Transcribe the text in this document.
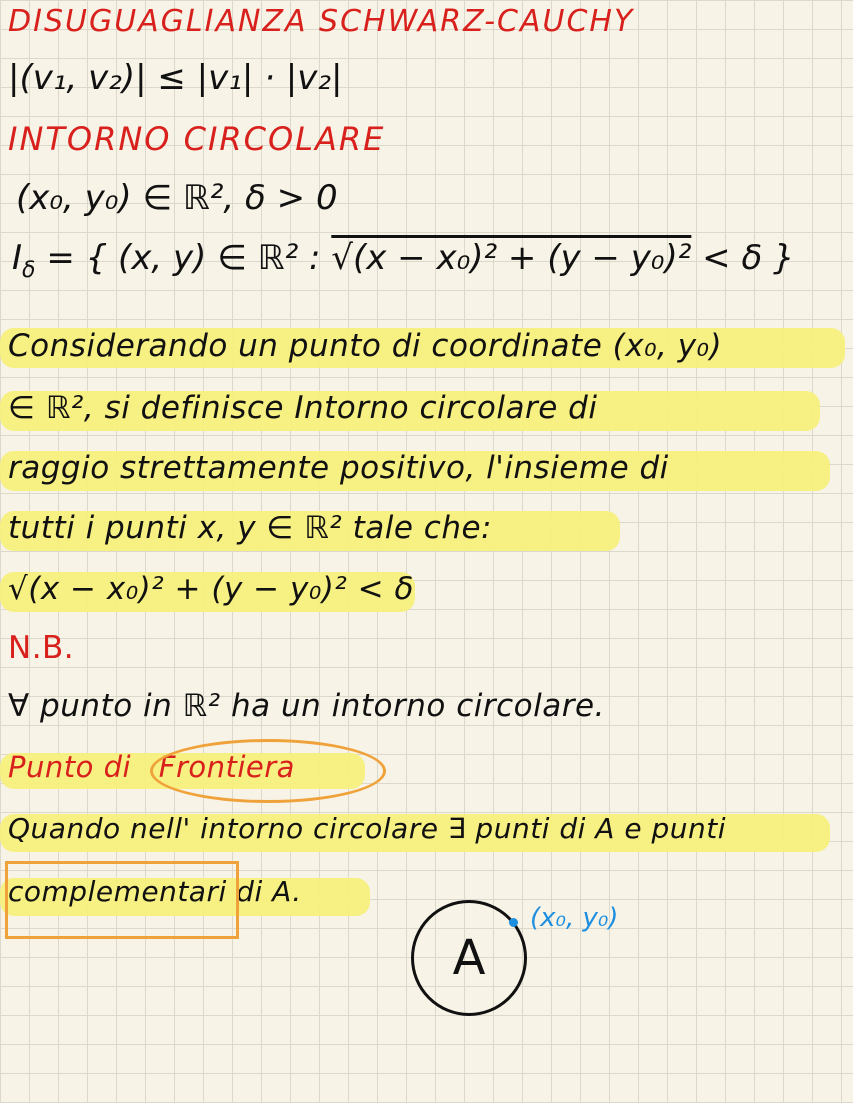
DISUGUAGLIANZA SCHWARZ-CAUCHY
|(v₁, v₂)| ≤ |v₁| · |v₂|
INTORNO CIRCOLARE
(x₀, y₀) ∈ ℝ², δ > 0
$I_\delta$ = { (x, y) ∈ ℝ² : √(x − x₀)² + (y − y₀)² < δ }
Considerando un punto di coordinate (x₀, y₀)
∈ ℝ², si definisce Intorno circolare di
raggio strettamente positivo, l'insieme di
tutti i punti x, y ∈ ℝ² tale che:
√(x − x₀)² + (y − y₀)² < δ
N.B.
∀ punto in ℝ² ha un intorno circolare.
Punto di Frontiera
Quando nell' intorno circolare ∃ punti di A e punti
complementari di A.
A
(x₀, y₀)
